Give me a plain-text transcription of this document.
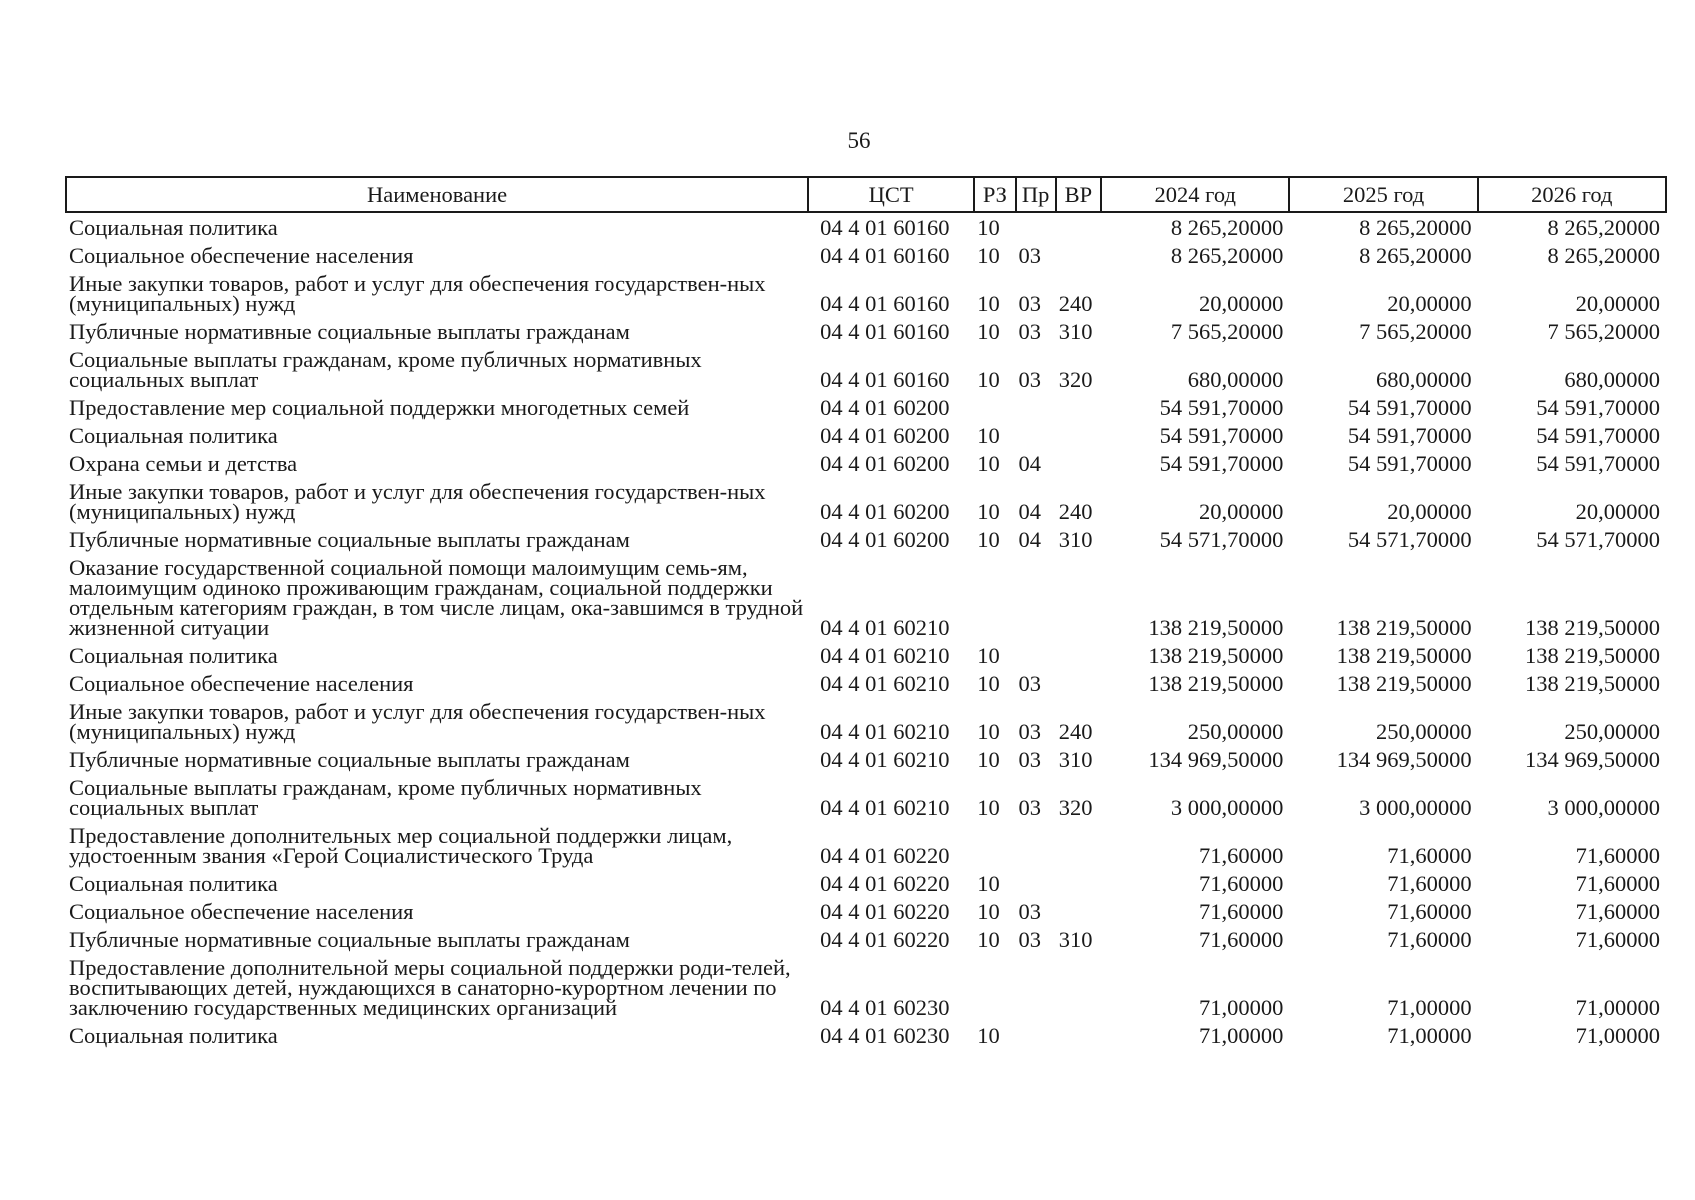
56
Наименование	ЦСТ	РЗ	Пр	ВР	2024 год	2025 год	2026 год
Социальная политика	04 4 01 60160	10			8 265,20000	8 265,20000	8 265,20000
Социальное обеспечение населения	04 4 01 60160	10	03		8 265,20000	8 265,20000	8 265,20000
Иные закупки товаров, работ и услуг для обеспечения государствен-ных (муниципальных) нужд	04 4 01 60160	10	03	240	20,00000	20,00000	20,00000
Публичные нормативные социальные выплаты гражданам	04 4 01 60160	10	03	310	7 565,20000	7 565,20000	7 565,20000
Социальные выплаты гражданам, кроме публичных нормативных социальных выплат	04 4 01 60160	10	03	320	680,00000	680,00000	680,00000
Предоставление мер социальной поддержки многодетных семей	04 4 01 60200				54 591,70000	54 591,70000	54 591,70000
Социальная политика	04 4 01 60200	10			54 591,70000	54 591,70000	54 591,70000
Охрана семьи и детства	04 4 01 60200	10	04		54 591,70000	54 591,70000	54 591,70000
Иные закупки товаров, работ и услуг для обеспечения государствен-ных (муниципальных) нужд	04 4 01 60200	10	04	240	20,00000	20,00000	20,00000
Публичные нормативные социальные выплаты гражданам	04 4 01 60200	10	04	310	54 571,70000	54 571,70000	54 571,70000
Оказание государственной социальной помощи малоимущим семь-ям, малоимущим одиноко проживающим гражданам, социальной поддержки отдельным категориям граждан, в том числе лицам, ока-завшимся в трудной жизненной ситуации	04 4 01 60210				138 219,50000	138 219,50000	138 219,50000
Социальная политика	04 4 01 60210	10			138 219,50000	138 219,50000	138 219,50000
Социальное обеспечение населения	04 4 01 60210	10	03		138 219,50000	138 219,50000	138 219,50000
Иные закупки товаров, работ и услуг для обеспечения государствен-ных (муниципальных) нужд	04 4 01 60210	10	03	240	250,00000	250,00000	250,00000
Публичные нормативные социальные выплаты гражданам	04 4 01 60210	10	03	310	134 969,50000	134 969,50000	134 969,50000
Социальные выплаты гражданам, кроме публичных нормативных социальных выплат	04 4 01 60210	10	03	320	3 000,00000	3 000,00000	3 000,00000
Предоставление дополнительных мер социальной поддержки лицам, удостоенным звания «Герой Социалистического Труда	04 4 01 60220				71,60000	71,60000	71,60000
Социальная политика	04 4 01 60220	10			71,60000	71,60000	71,60000
Социальное обеспечение населения	04 4 01 60220	10	03		71,60000	71,60000	71,60000
Публичные нормативные социальные выплаты гражданам	04 4 01 60220	10	03	310	71,60000	71,60000	71,60000
Предоставление дополнительной меры социальной поддержки роди-телей, воспитывающих детей, нуждающихся в санаторно-курортном лечении по заключению государственных медицинских организаций	04 4 01 60230				71,00000	71,00000	71,00000
Социальная политика	04 4 01 60230	10			71,00000	71,00000	71,00000
